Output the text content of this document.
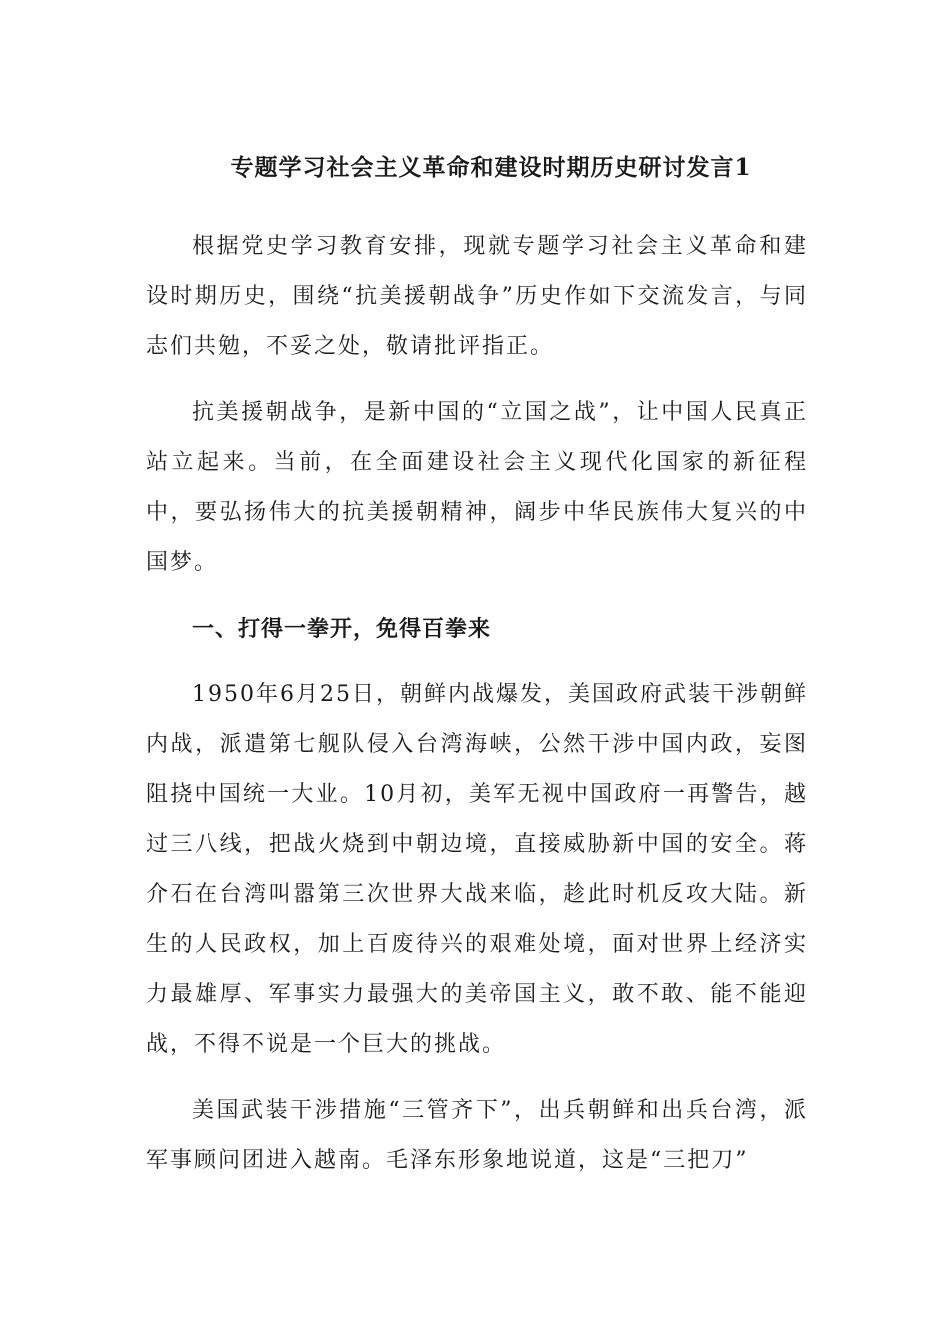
专题学习社会主义革命和建设时期历史研讨发言1

根据党史学习教育安排，现就专题学习社会主义革命和建设时期历史，围绕“抗美援朝战争”历史作如下交流发言，与同志们共勉，不妥之处，敬请批评指正。

抗美援朝战争，是新中国的“立国之战”，让中国人民真正站立起来。当前，在全面建设社会主义现代化国家的新征程中，要弘扬伟大的抗美援朝精神，阔步中华民族伟大复兴的中国梦。

一、打得一拳开，免得百拳来

1950年6月25日，朝鲜内战爆发，美国政府武装干涉朝鲜内战，派遣第七舰队侵入台湾海峡，公然干涉中国内政，妄图阻挠中国统一大业。10月初，美军无视中国政府一再警告，越过三八线，把战火烧到中朝边境，直接威胁新中国的安全。蒋介石在台湾叫嚣第三次世界大战来临，趁此时机反攻大陆。新生的人民政权，加上百废待兴的艰难处境，面对世界上经济实力最雄厚、军事实力最强大的美帝国主义，敢不敢、能不能迎战，不得不说是一个巨大的挑战。

美国武装干涉措施“三管齐下”，出兵朝鲜和出兵台湾，派军事顾问团进入越南。毛泽东形象地说道，这是“三把刀”
